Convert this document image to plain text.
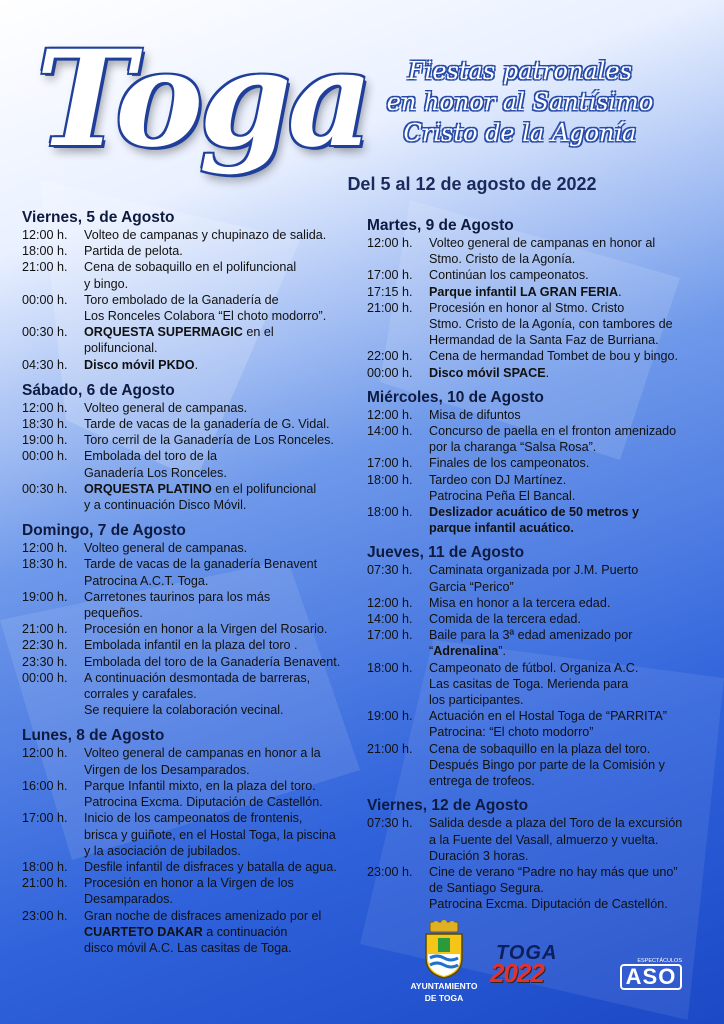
Toga	Fiestas patronales
en honor al Santísimo
Cristo de la Agonía
Del 5 al 12 de agosto de 2022
Viernes, 5 de Agosto
12:00 h.	Volteo de campanas y chupinazo de salida.
18:00 h.	Partida de pelota.
21:00 h.	Cena de sobaquillo en el polifuncional
y bingo.
00:00 h.	Toro embolado de la Ganadería de
Los Ronceles Colabora “El choto modorro”.
00:30 h.	ORQUESTA SUPERMAGIC en el
polifuncional.
04:30 h.	Disco móvil PKDO.
Sábado, 6 de Agosto
12:00 h.	Volteo general de campanas.
18:30 h.	Tarde de vacas de la ganadería de G. Vidal.
19:00 h.	Toro cerril de la Ganadería de Los Ronceles.
00:00 h.	Embolada del toro de la
Ganadería Los Ronceles.
00:30 h.	ORQUESTA PLATINO en el polifuncional
y a continuación Disco Móvil.
Domingo, 7 de Agosto
12:00 h.	Volteo general de campanas.
18:30 h.	Tarde de vacas de la ganadería Benavent
Patrocina A.C.T. Toga.
19:00 h.	Carretones taurinos para los más
pequeños.
21:00 h.	Procesión en honor a la Virgen del Rosario.
22:30 h.	Embolada infantil en la plaza del toro .
23:30 h.	Embolada del toro de la Ganadería Benavent.
00:00 h.	A continuación desmontada de barreras,
corrales y carafales.
Se requiere la colaboración vecinal.
Lunes, 8 de Agosto
12:00 h.	Volteo general de campanas en honor a la
Virgen de los Desamparados.
16:00 h.	Parque Infantil mixto, en la plaza del toro.
Patrocina Excma. Diputación de Castellón.
17:00 h.	Inicio de los campeonatos de frontenis,
brisca y guiñote, en el Hostal Toga, la piscina
y la asociación de jubilados.
18:00 h.	Desfile infantil de disfraces y batalla de agua.
21:00 h.	Procesión en honor a la Virgen de los
Desamparados.
23:00 h.	Gran noche de disfraces amenizado por el
CUARTETO DAKAR a continuación
disco móvil A.C. Las casitas de Toga.
Martes, 9 de Agosto
12:00 h.	Volteo general de campanas en honor al
Stmo. Cristo de la Agonía.
17:00 h.	Continúan los campeonatos.
17:15 h.	Parque infantil LA GRAN FERIA.
21:00 h.	Procesión en honor al Stmo. Cristo
Stmo. Cristo de la Agonía, con tambores de
Hermandad de la Santa Faz de Burriana.
22:00 h.	Cena de hermandad Tombet de bou y bingo.
00:00 h.	Disco móvil SPACE.
Miércoles, 10 de Agosto
12:00 h.	Misa de difuntos
14:00 h.	Concurso de paella en el fronton amenizado
por la charanga “Salsa Rosa”.
17:00 h.	Finales de los campeonatos.
18:00 h.	Tardeo con DJ Martínez.
Patrocina Peña El Bancal.
18:00 h.	Deslizador acuático de 50 metros y
parque infantil acuático.
Jueves, 11 de Agosto
07:30 h.	Caminata organizada por J.M. Puerto
Garcia “Perico”
12:00 h.	Misa en honor a la tercera edad.
14:00 h.	Comida de la tercera edad.
17:00 h.	Baile para la 3ª edad amenizado por
“Adrenalina”.
18:00 h.	Campeonato de fútbol. Organiza A.C.
Las casitas de Toga. Merienda para
los participantes.
19:00 h.	Actuación en el Hostal Toga de “PARRITA”
Patrocina: “El choto modorro”
21:00 h.	Cena de sobaquillo en la plaza del toro.
Después Bingo por parte de la Comisión y
entrega de trofeos.
Viernes, 12 de Agosto
07:30 h.	Salida desde a plaza del Toro de la excursión
a la Fuente del Vasall, almuerzo y vuelta.
Duración 3 horas.
23:00 h.	Cine de verano “Padre no hay más que uno”
de Santiago Segura.
Patrocina Excma. Diputación de Castellón.
AYUNTAMIENTO
DE TOGA
TOGA
2022	ESPECTÁCULOS
ASO
